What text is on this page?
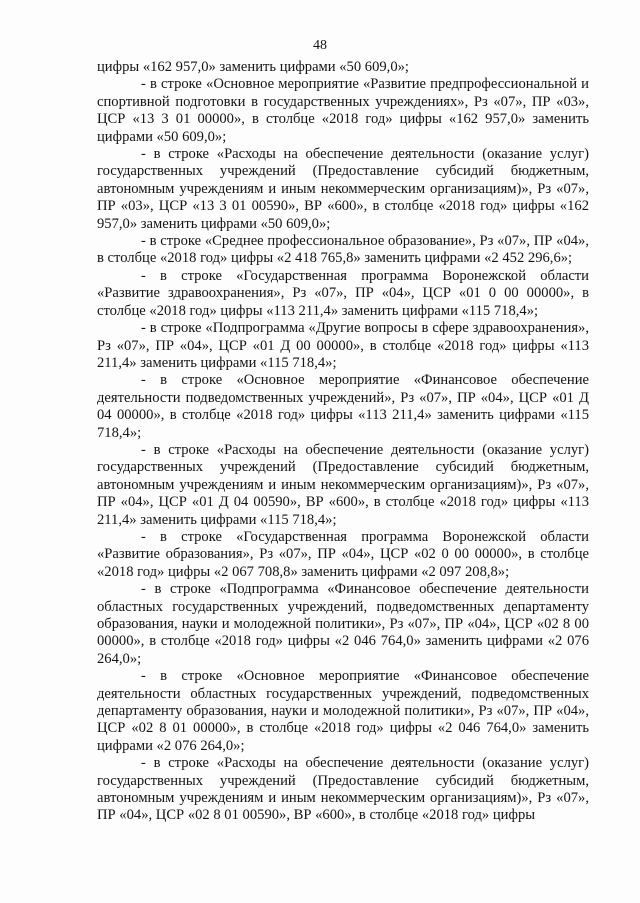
48

цифры «162 957,0» заменить цифрами «50 609,0»;

- в строке «Основное мероприятие «Развитие предпрофессиональной и спортивной подготовки в государственных учреждениях», Рз «07», ПР «03», ЦСР «13 3 01 00000», в столбце «2018 год» цифры «162 957,0» заменить цифрами «50 609,0»;

- в строке «Расходы на обеспечение деятельности (оказание услуг) государственных учреждений (Предоставление субсидий бюджетным, автономным учреждениям и иным некоммерческим организациям)», Рз «07», ПР «03», ЦСР «13 3 01 00590», ВР «600», в столбце «2018 год» цифры «162 957,0» заменить цифрами «50 609,0»;

- в строке «Среднее профессиональное образование», Рз «07», ПР «04», в столбце «2018 год» цифры «2 418 765,8» заменить цифрами «2 452 296,6»;

- в строке «Государственная программа Воронежской области «Развитие здравоохранения», Рз «07», ПР «04», ЦСР «01 0 00 00000», в столбце «2018 год» цифры «113 211,4» заменить цифрами «115 718,4»;

- в строке «Подпрограмма «Другие вопросы в сфере здравоохранения», Рз «07», ПР «04», ЦСР «01 Д 00 00000», в столбце «2018 год» цифры «113 211,4» заменить цифрами «115 718,4»;

- в строке «Основное мероприятие «Финансовое обеспечение деятельности подведомственных учреждений», Рз «07», ПР «04», ЦСР «01 Д 04 00000», в столбце «2018 год» цифры «113 211,4» заменить цифрами «115 718,4»;

- в строке «Расходы на обеспечение деятельности (оказание услуг) государственных учреждений (Предоставление субсидий бюджетным, автономным учреждениям и иным некоммерческим организациям)», Рз «07», ПР «04», ЦСР «01 Д 04 00590», ВР «600», в столбце «2018 год» цифры «113 211,4» заменить цифрами «115 718,4»;

- в строке «Государственная программа Воронежской области «Развитие образования», Рз «07», ПР «04», ЦСР «02 0 00 00000», в столбце «2018 год» цифры «2 067 708,8» заменить цифрами «2 097 208,8»;

- в строке «Подпрограмма «Финансовое обеспечение деятельности областных государственных учреждений, подведомственных департаменту образования, науки и молодежной политики», Рз «07», ПР «04», ЦСР «02 8 00 00000», в столбце «2018 год» цифры «2 046 764,0» заменить цифрами «2 076 264,0»;

- в строке «Основное мероприятие «Финансовое обеспечение деятельности областных государственных учреждений, подведомственных департаменту образования, науки и молодежной политики», Рз «07», ПР «04», ЦСР «02 8 01 00000», в столбце «2018 год» цифры «2 046 764,0» заменить цифрами «2 076 264,0»;

- в строке «Расходы на обеспечение деятельности (оказание услуг) государственных учреждений (Предоставление субсидий бюджетным, автономным учреждениям и иным некоммерческим организациям)», Рз «07», ПР «04», ЦСР «02 8 01 00590», ВР «600», в столбце «2018 год» цифры
